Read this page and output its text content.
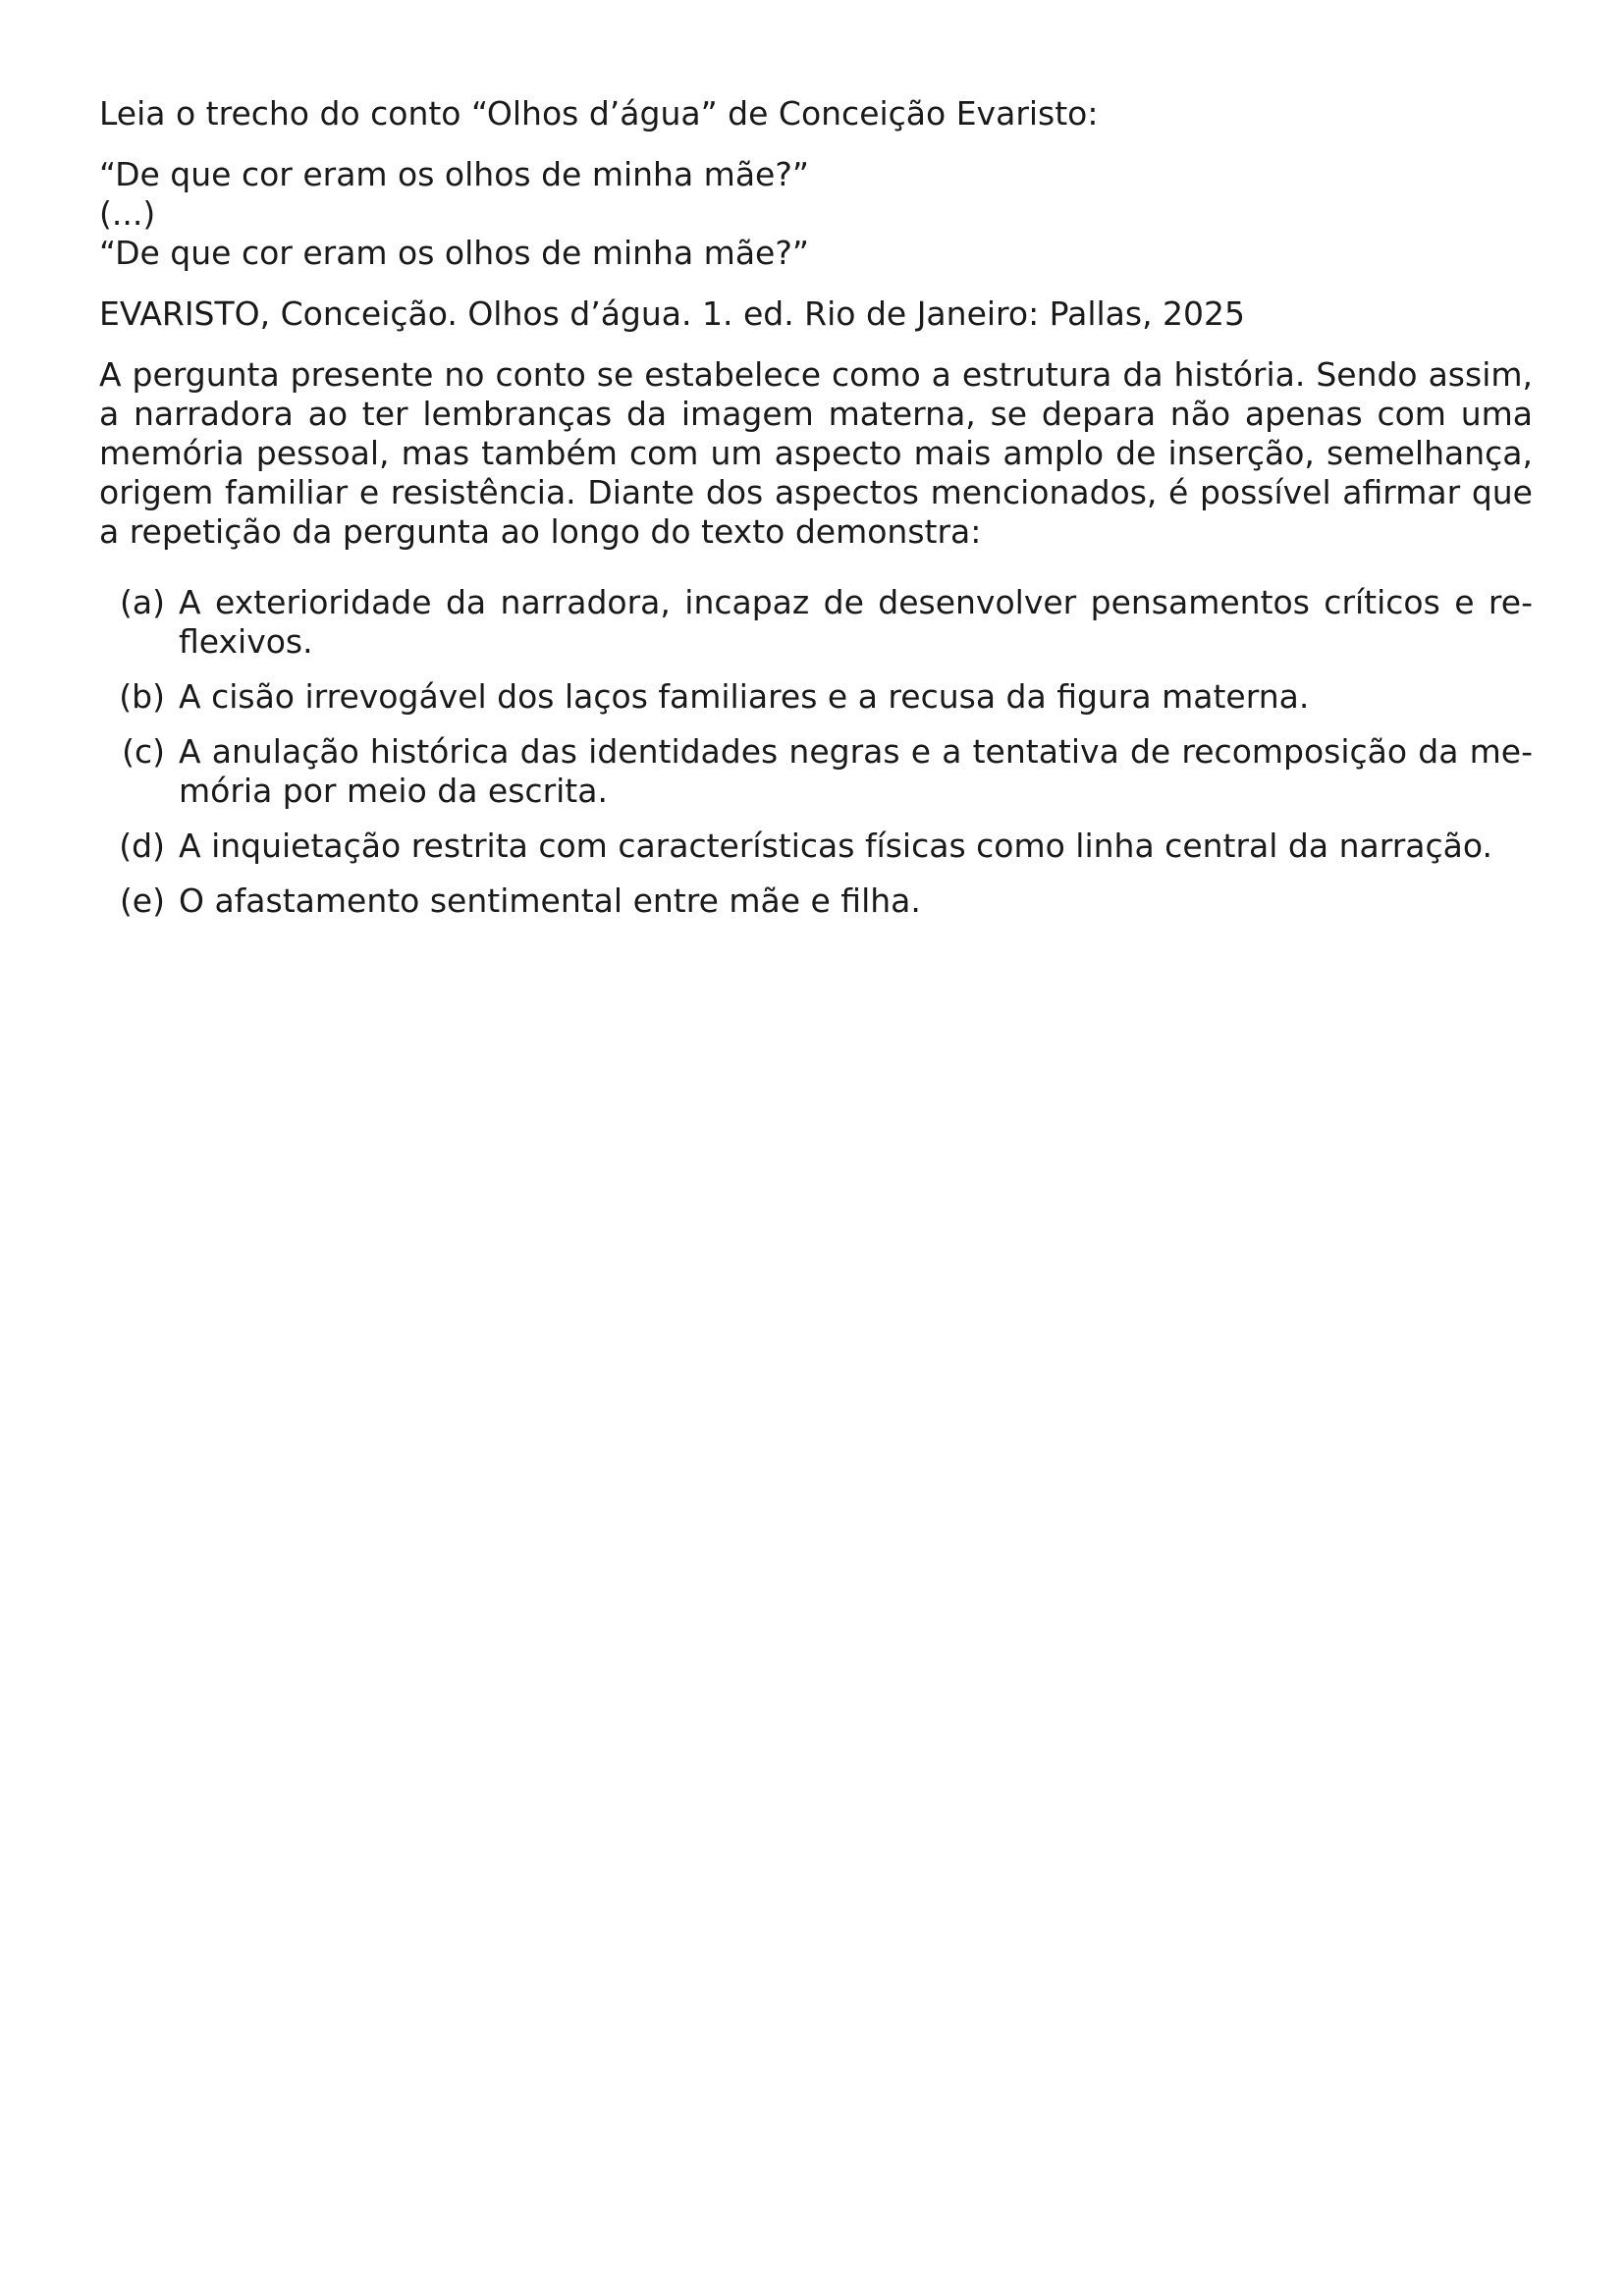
Leia o trecho do conto “Olhos d’água” de Conceição Evaristo:

“De que cor eram os olhos de minha mãe?”

(...)

“De que cor eram os olhos de minha mãe?”

EVARISTO, Conceição. Olhos d’água. 1. ed. Rio de Janeiro: Pallas, 2025

A pergunta presente no conto se estabelece como a estrutura da história. Sendo assim, a narradora ao ter lembranças da imagem materna, se depara não apenas com uma memória pessoal, mas também com um aspecto mais amplo de inserção, semelhança, origem familiar e resistência. Diante dos aspectos mencionados, é possível afirmar que a repetição da pergunta ao longo do texto demonstra:

(a) A exterioridade da narradora, incapaz de desenvolver pensamentos críticos e reflexivos.
(b) A cisão irrevogável dos laços familiares e a recusa da figura materna.
(c) A anulação histórica das identidades negras e a tentativa de recomposição da memória por meio da escrita.
(d) A inquietação restrita com características físicas como linha central da narração.
(e) O afastamento sentimental entre mãe e filha.
